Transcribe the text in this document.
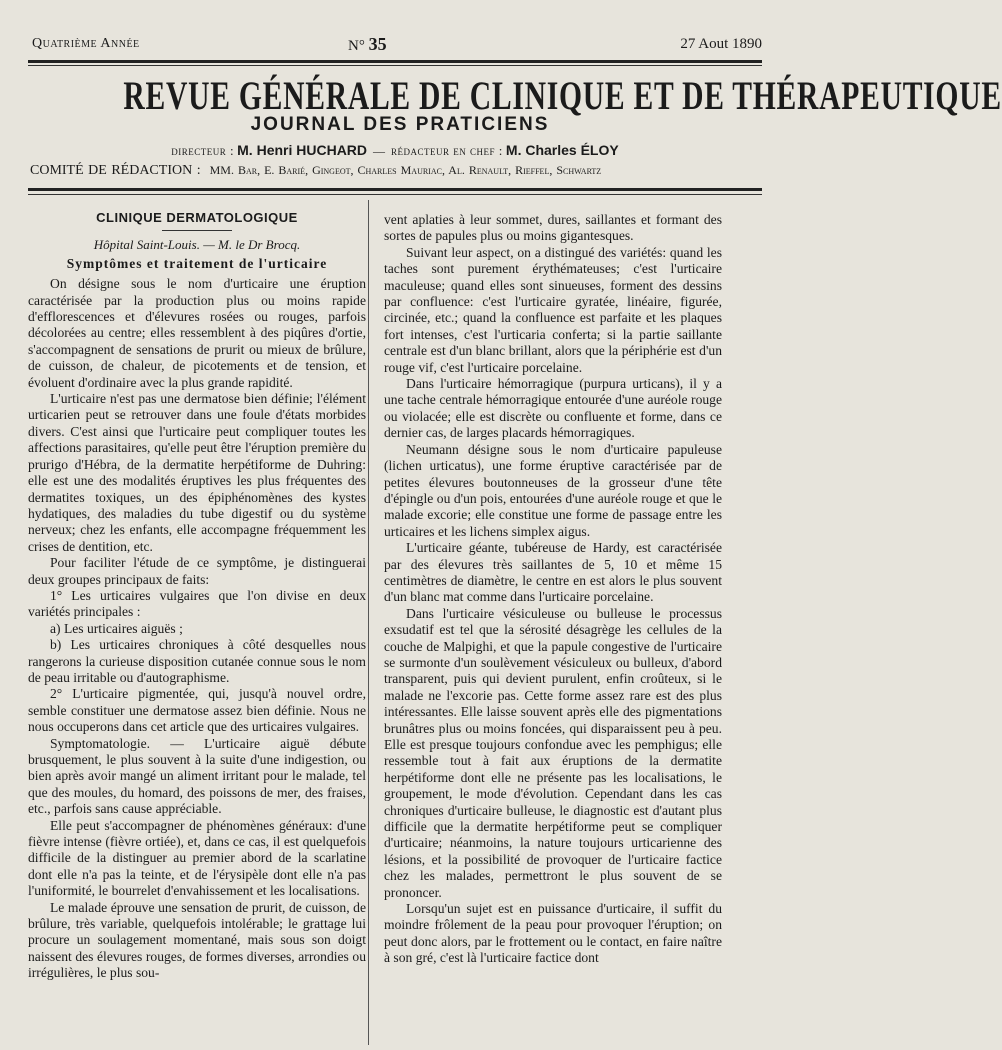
Quatrième Année	N° 35	27 Aout 1890
REVUE GÉNÉRALE DE CLINIQUE ET DE THÉRAPEUTIQUE
JOURNAL DES PRATICIENS
directeur : M. Henri HUCHARD  —  rédacteur en chef : M. Charles ÉLOY
COMITÉ DE RÉDACTION : MM. Bar, E. Barié, Gingeot, Charles Mauriac, Al. Renault, Rieffel, Schwartz
CLINIQUE DERMATOLOGIQUE
Hôpital Saint-Louis. — M. le Dr Brocq.
Symptômes et traitement de l'urticaire

On désigne sous le nom d'urticaire une éruption caractérisée par la production plus ou moins rapide d'efflorescences et d'élevures rosées ou rouges, parfois décolorées au centre; elles ressemblent à des piqûres d'ortie, s'accompagnent de sensations de prurit ou mieux de brûlure, de cuisson, de chaleur, de picotements et de tension, et évoluent d'ordinaire avec la plus grande rapidité.

L'urticaire n'est pas une dermatose bien définie; l'élément urticarien peut se retrouver dans une foule d'états morbides divers. C'est ainsi que l'urticaire peut compliquer toutes les affections parasitaires, qu'elle peut être l'éruption première du prurigo d'Hébra, de la dermatite herpétiforme de Duhring: elle est une des modalités éruptives les plus fréquentes des dermatites toxiques, un des épiphénomènes des kystes hydatiques, des maladies du tube digestif ou du système nerveux; chez les enfants, elle accompagne fréquemment les crises de dentition, etc.

Pour faciliter l'étude de ce symptôme, je distinguerai deux groupes principaux de faits:

1° Les urticaires vulgaires que l'on divise en deux variétés principales :

a) Les urticaires aiguës ;

b) Les urticaires chroniques à côté desquelles nous rangerons la curieuse disposition cutanée connue sous le nom de peau irritable ou d'autographisme.

2° L'urticaire pigmentée, qui, jusqu'à nouvel ordre, semble constituer une dermatose assez bien définie. Nous ne nous occuperons dans cet article que des urticaires vulgaires.

Symptomatologie. — L'urticaire aiguë débute brusquement, le plus souvent à la suite d'une indigestion, ou bien après avoir mangé un aliment irritant pour le malade, tel que des moules, du homard, des poissons de mer, des fraises, etc., parfois sans cause appréciable.

Elle peut s'accompagner de phénomènes généraux: d'une fièvre intense (fièvre ortiée), et, dans ce cas, il est quelquefois difficile de la distinguer au premier abord de la scarlatine dont elle n'a pas la teinte, et de l'érysipèle dont elle n'a pas l'uniformité, le bourrelet d'envahissement et les localisations.

Le malade éprouve une sensation de prurit, de cuisson, de brûlure, très variable, quelquefois intolérable; le grattage lui procure un soulagement momentané, mais sous son doigt naissent des élevures rouges, de formes diverses, arrondies ou irrégulières, le plus sou-

vent aplaties à leur sommet, dures, saillantes et formant des sortes de papules plus ou moins gigantesques.

Suivant leur aspect, on a distingué des variétés: quand les taches sont purement érythémateuses; c'est l'urticaire maculeuse; quand elles sont sinueuses, forment des dessins par confluence: c'est l'urticaire gyratée, linéaire, figurée, circinée, etc.; quand la confluence est parfaite et les plaques fort intenses, c'est l'urticaria conferta; si la partie saillante centrale est d'un blanc brillant, alors que la périphérie est d'un rouge vif, c'est l'urticaire porcelaine.

Dans l'urticaire hémorragique (purpura urticans), il y a une tache centrale hémorragique entourée d'une auréole rouge ou violacée; elle est discrète ou confluente et forme, dans ce dernier cas, de larges placards hémorragiques.

Neumann désigne sous le nom d'urticaire papuleuse (lichen urticatus), une forme éruptive caractérisée par de petites élevures boutonneuses de la grosseur d'une tête d'épingle ou d'un pois, entourées d'une auréole rouge et que le malade excorie; elle constitue une forme de passage entre les urticaires et les lichens simplex aigus.

L'urticaire géante, tubéreuse de Hardy, est caractérisée par des élevures très saillantes de 5, 10 et même 15 centimètres de diamètre, le centre en est alors le plus souvent d'un blanc mat comme dans l'urticaire porcelaine.

Dans l'urticaire vésiculeuse ou bulleuse le processus exsudatif est tel que la sérosité désagrège les cellules de la couche de Malpighi, et que la papule congestive de l'urticaire se surmonte d'un soulèvement vésiculeux ou bulleux, d'abord transparent, puis qui devient purulent, enfin croûteux, si le malade ne l'excorie pas. Cette forme assez rare est des plus intéressantes. Elle laisse souvent après elle des pigmentations brunâtres plus ou moins foncées, qui disparaissent peu à peu. Elle est presque toujours confondue avec les pemphigus; elle ressemble tout à fait aux éruptions de la dermatite herpétiforme dont elle ne présente pas les localisations, le groupement, le mode d'évolution. Cependant dans les cas chroniques d'urticaire bulleuse, le diagnostic est d'autant plus difficile que la dermatite herpétiforme peut se compliquer d'urticaire; néanmoins, la nature toujours urticarienne des lésions, et la possibilité de provoquer de l'urticaire factice chez les malades, permettront le plus souvent de se prononcer.

Lorsqu'un sujet est en puissance d'urticaire, il suffit du moindre frôlement de la peau pour provoquer l'éruption; on peut donc alors, par le frottement ou le contact, en faire naître à son gré, c'est là l'urticaire factice dont
